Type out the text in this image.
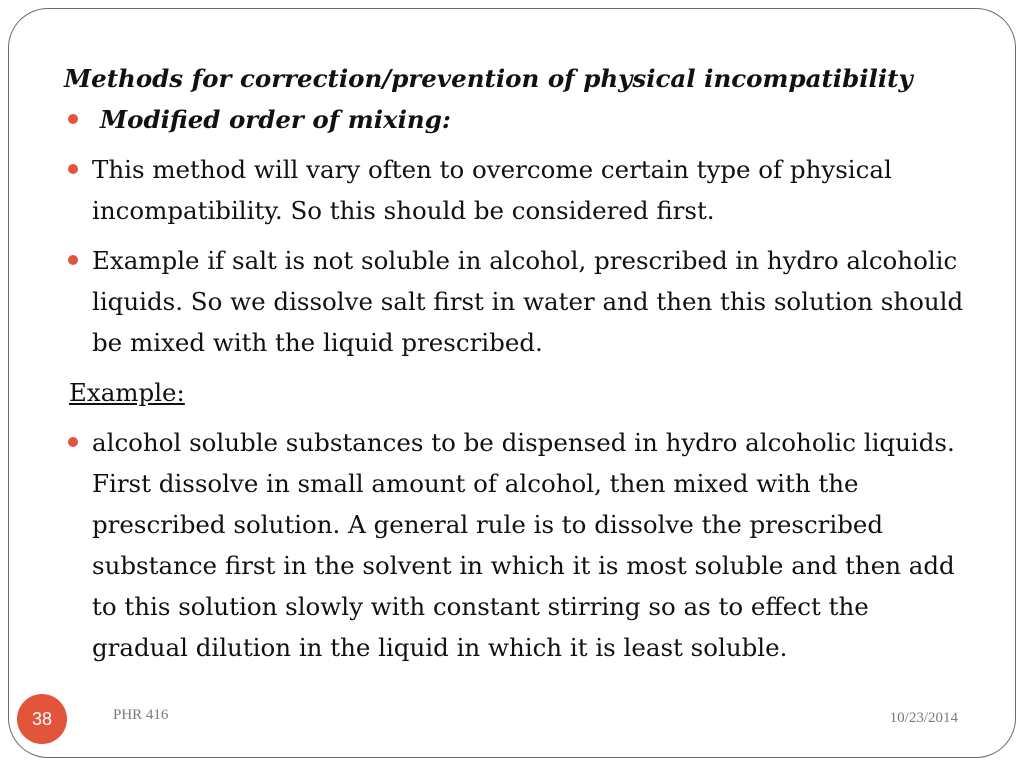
Methods for correction/prevention of physical incompatibility

Modified order of mixing:
This method will vary often to overcome certain type of physical incompatibility. So this should be considered first.
Example if salt is not soluble in alcohol, prescribed in hydro alcoholic liquids. So we dissolve salt first in water and then this solution should be mixed with the liquid prescribed.

Example:

alcohol soluble substances to be dispensed in hydro alcoholic liquids. First dissolve in small amount of alcohol, then mixed with the prescribed solution. A general rule is to dissolve the prescribed substance first in the solvent in which it is most soluble and then add to this solution slowly with constant stirring so as to effect the gradual dilution in the liquid in which it is least soluble.
38	PHR 416	10/23/2014
